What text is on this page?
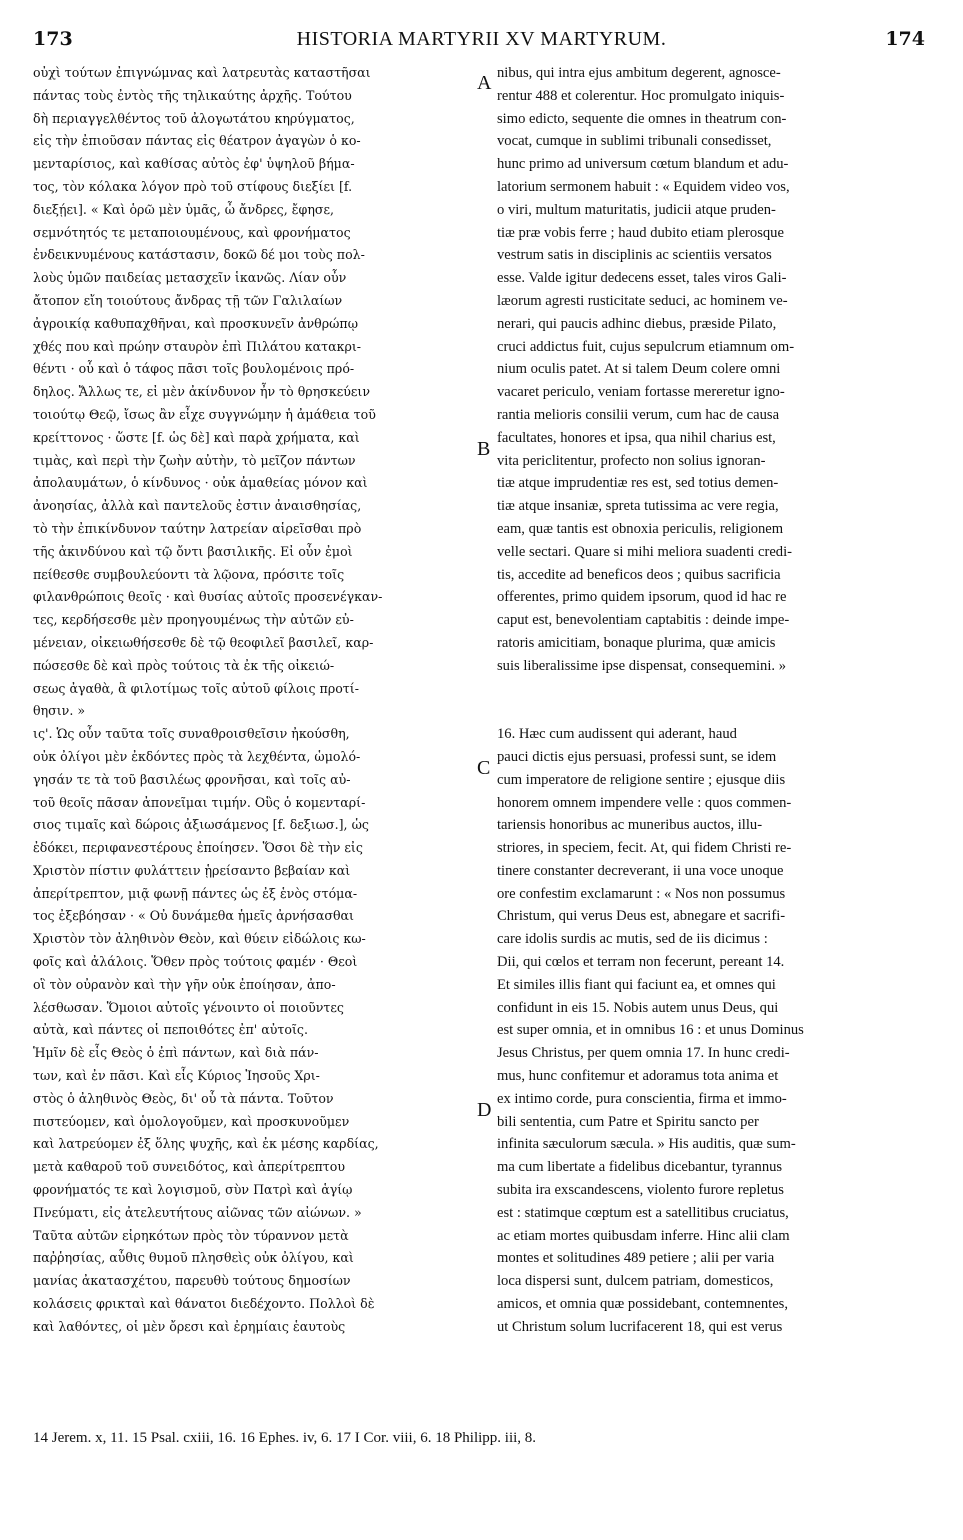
173	HISTORIA MARTYRII XV MARTYRUM.	174
οὐχὶ τούτων ἐπιγνώμνας καὶ λατρευτὰς καταστῆσαι
πάντας τοὺς ἐντὸς τῆς τηλικαύτης ἀρχῆς. Τούτου
δὴ περιαγγελθέντος τοῦ ἀλογωτάτου κηρύγματος,
εἰς τὴν ἐπιοῦσαν πάντας εἰς θέατρον ἀγαγὼν ὁ κο-
μενταρίσιος, καὶ καθίσας αὐτὸς ἐφ' ὑψηλοῦ βήμα-
τος, τὸν κόλακα λόγον πρὸ τοῦ στίφους διεξίει [f.
διεξῄει]. « Καὶ ὁρῶ μὲν ὑμᾶς, ὦ ἄνδρες, ἔφησε,
σεμνότητός τε μεταποιουμένους, καὶ φρονήματος
ἐνδεικνυμένους κατάστασιν, δοκῶ δέ μοι τοὺς πολ-
λοὺς ὑμῶν παιδείας μετασχεῖν ἱκανῶς. Λίαν οὖν
ἄτοπον εἴη τοιούτους ἄνδρας τῇ τῶν Γαλιλαίων
ἀγροικίᾳ καθυπαχθῆναι, καὶ προσκυνεῖν ἀνθρώπῳ
χθές που καὶ πρώην σταυρὸν ἐπὶ Πιλάτου κατακρι-
θέντι · οὗ καὶ ὁ τάφος πᾶσι τοῖς βουλομένοις πρό-
δηλος. Ἄλλως τε, εἰ μὲν ἀκίνδυνον ἦν τὸ θρησκεύειν
τοιούτῳ Θεῷ, ἴσως ἂν εἶχε συγγνώμην ἡ ἀμάθεια τοῦ
κρείττονος · ὥστε [f. ὡς δὲ] καὶ παρὰ χρήματα, καὶ
τιμὰς, καὶ περὶ τὴν ζωὴν αὐτὴν, τὸ μεῖζον πάντων
ἀπολαυμάτων, ὁ κίνδυνος · οὐκ ἀμαθείας μόνον καὶ
ἀνοησίας, ἀλλὰ καὶ παντελοῦς ἐστιν ἀναισθησίας,
τὸ τὴν ἐπικίνδυνον ταύτην λατρείαν αἱρεῖσθαι πρὸ
τῆς ἀκινδύνου καὶ τῷ ὄντι βασιλικῆς. Εἰ οὖν ἐμοὶ
πείθεσθε συμβουλεύοντι τὰ λῷονα, πρόσιτε τοῖς
φιλανθρώποις θεοῖς · καὶ θυσίας αὐτοῖς προσενέγκαν-
τες, κερδήσεσθε μὲν προηγουμένως τὴν αὐτῶν εὐ-
μένειαν, οἰκειωθήσεσθε δὲ τῷ θεοφιλεῖ βασιλεῖ, καρ-
πώσεσθε δὲ καὶ πρὸς τούτοις τὰ ἐκ τῆς οἰκειώ-
σεως ἀγαθὰ, ἃ φιλοτίμως τοῖς αὐτοῦ φίλοις προτί-
θησιν. »
ις'. Ὡς οὖν ταῦτα τοῖς συναθροισθεῖσιν ἠκούσθη,
οὐκ ὀλίγοι μὲν ἐκδόντες πρὸς τὰ λεχθέντα, ὡμολό-
γησάν τε τὰ τοῦ βασιλέως φρονῆσαι, καὶ τοῖς αὐ-
τοῦ θεοῖς πᾶσαν ἀπονεῖμαι τιμήν. Οὓς ὁ κομενταρί-
σιος τιμαῖς καὶ δώροις ἀξιωσάμενος [f. δεξιωσ.], ὡς
ἐδόκει, περιφανεστέρους ἐποίησεν. Ὅσοι δὲ τὴν εἰς
Χριστὸν πίστιν φυλάττειν ᾑρείσαντο βεβαίαν καὶ
ἀπερίτρεπτον, μιᾷ φωνῇ πάντες ὡς ἐξ ἑνὸς στόμα-
τος ἐξεβόησαν · « Οὐ δυνάμεθα ἡμεῖς ἀρνήσασθαι
Χριστὸν τὸν ἀληθινὸν Θεὸν, καὶ θύειν εἰδώλοις κω-
φοῖς καὶ ἀλάλοις. Ὅθεν πρὸς τούτοις φαμέν · Θεοὶ
οἳ τὸν οὐρανὸν καὶ τὴν γῆν οὐκ ἐποίησαν, ἀπο-
λέσθωσαν. Ὅμοιοι αὐτοῖς γένοιντο οἱ ποιοῦντες
αὐτὰ, καὶ πάντες οἱ πεποιθότες ἐπ' αὐτοῖς.
Ἡμῖν δὲ εἷς Θεὸς ὁ ἐπὶ πάντων, καὶ διὰ πάν-
των, καὶ ἐν πᾶσι. Καὶ εἷς Κύριος Ἰησοῦς Χρι-
στὸς ὁ ἀληθινὸς Θεὸς, δι' οὗ τὰ πάντα. Τοῦτον
πιστεύομεν, καὶ ὁμολογοῦμεν, καὶ προσκυνοῦμεν
καὶ λατρεύομεν ἐξ ὅλης ψυχῆς, καὶ ἐκ μέσης καρδίας,
μετὰ καθαροῦ τοῦ συνειδότος, καὶ ἀπερίτρεπτου
φρονήματός τε καὶ λογισμοῦ, σὺν Πατρὶ καὶ ἁγίῳ
Πνεύματι, εἰς ἀτελευτήτους αἰῶνας τῶν αἰώνων. »
Ταῦτα αὐτῶν εἰρηκότων πρὸς τὸν τύραννον μετὰ
παῤῥησίας, αὖθις θυμοῦ πλησθεὶς οὐκ ὀλίγου, καὶ
μανίας ἀκατασχέτου, παρευθὺ τούτους δημοσίων
κολάσεις φρικταὶ καὶ θάνατοι διεδέχοντο. Πολλοὶ δὲ
καὶ λαθόντες, οἱ μὲν ὄρεσι καὶ ἐρημίαις ἑαυτοὺς
nibus, qui intra ejus ambitum degerent, agnosce-
rentur 488 et colerentur. Hoc promulgato iniquis-
simo edicto, sequente die omnes in theatrum con-
vocat, cumque in sublimi tribunali consedisset,
hunc primo ad universum cœtum blandum et adu-
latorium sermonem habuit : « Equidem video vos,
o viri, multum maturitatis, judicii atque pruden-
tiæ præ vobis ferre ; haud dubito etiam plerosque
vestrum satis in disciplinis ac scientiis versatos
esse. Valde igitur dedecens esset, tales viros Gali-
læorum agresti rusticitate seduci, ac hominem ve-
nerari, qui paucis adhinc diebus, præside Pilato,
cruci addictus fuit, cujus sepulcrum etiamnum om-
nium oculis patet. At si talem Deum colere omni
vacaret periculo, veniam fortasse mereretur igno-
rantia melioris consilii verum, cum hac de causa
facultates, honores et ipsa, qua nihil charius est,
vita periclitentur, profecto non solius ignoran-
tiæ atque imprudentiæ res est, sed totius demen-
tiæ atque insaniæ, spreta tutissima ac vere regia,
eam, quæ tantis est obnoxia periculis, religionem
velle sectari. Quare si mihi meliora suadenti credi-
tis, accedite ad beneficos deos ; quibus sacrificia
offerentes, primo quidem ipsorum, quod id hac re
caput est, benevolentiam captabitis : deinde impe-
ratoris amicitiam, bonaque plurima, quæ amicis
suis liberalissime ipse dispensat, consequemini. »
16. Hæc cum audissent qui aderant, haud
pauci dictis ejus persuasi, professi sunt, se idem
cum imperatore de religione sentire ; ejusque diis
honorem omnem impendere velle : quos commen-
tariensis honoribus ac muneribus auctos, illu-
striores, in speciem, fecit. At, qui fidem Christi re-
tinere constanter decreverant, ii una voce unoque
ore confestim exclamarunt : « Nos non possumus
Christum, qui verus Deus est, abnegare et sacrifi-
care idolis surdis ac mutis, sed de iis dicimus :
Dii, qui cœlos et terram non fecerunt, pereant 14.
Et similes illis fiant qui faciunt ea, et omnes qui
confidunt in eis 15. Nobis autem unus Deus, qui
est super omnia, et in omnibus 16 : et unus Dominus
Jesus Christus, per quem omnia 17. In hunc credi-
mus, hunc confitemur et adoramus tota anima et
ex intimo corde, pura conscientia, firma et immo-
bili sententia, cum Patre et Spiritu sancto per
infinita sæculorum sæcula. » His auditis, quæ sum-
ma cum libertate a fidelibus dicebantur, tyrannus
subita ira exscandescens, violento furore repletus
est : statimque cœptum est a satellitibus cruciatus,
ac etiam mortes quibusdam inferre. Hinc alii clam
montes et solitudines 489 petiere ; alii per varia
loca dispersi sunt, dulcem patriam, domesticos,
amicos, et omnia quæ possidebant, contemnentes,
ut Christum solum lucrifacerent 18, qui est verus
A
B
C
D
14 Jerem. x, 11. 15 Psal. cxiii, 16. 16 Ephes. iv, 6. 17 I Cor. viii, 6. 18 Philipp. iii, 8.
